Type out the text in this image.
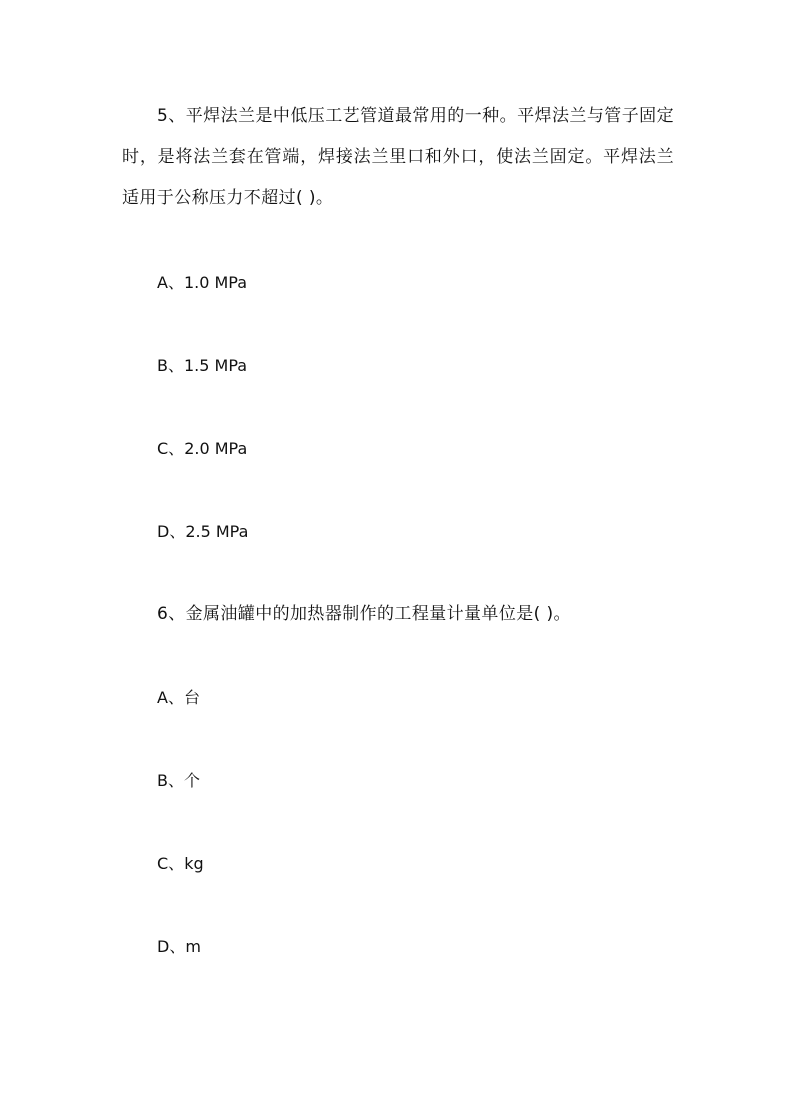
5、平焊法兰是中低压工艺管道最常用的一种。平焊法兰与管子固定时，是将法兰套在管端，焊接法兰里口和外口，使法兰固定。平焊法兰适用于公称压力不超过( )。

A、1.0 MPa
B、1.5 MPa
C、2.0 MPa
D、2.5 MPa

6、金属油罐中的加热器制作的工程量计量单位是( )。

A、台
B、个
C、kg
D、m
